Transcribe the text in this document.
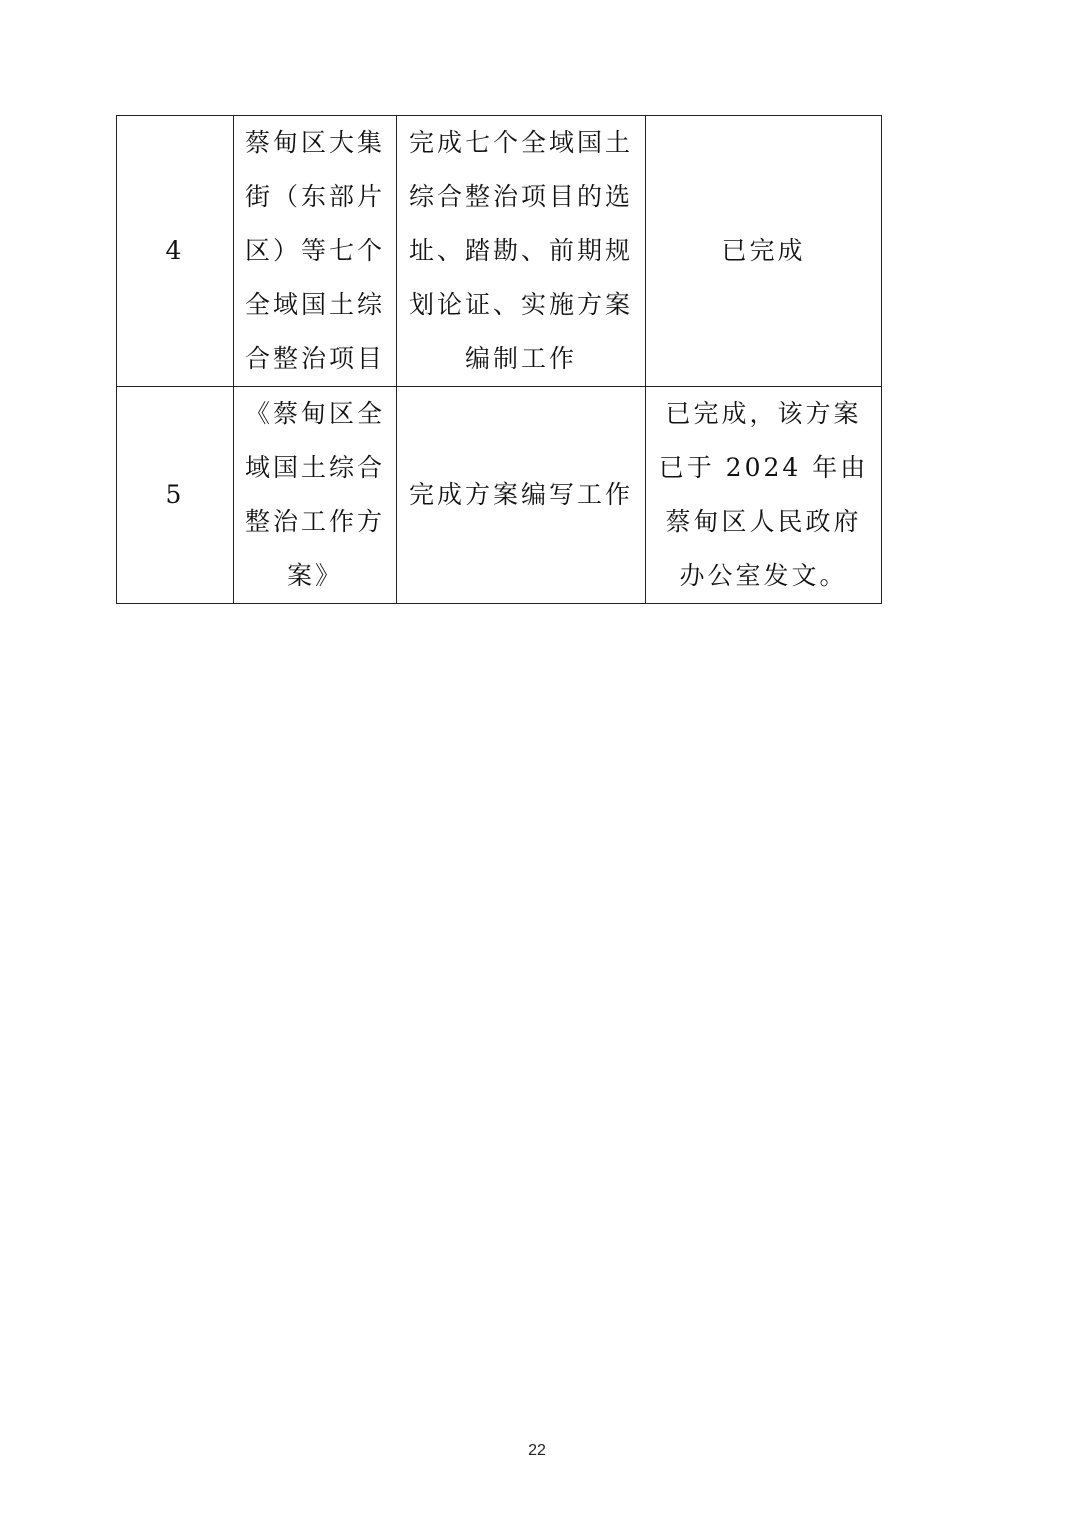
4	蔡甸区大集街（东部片区）等七个全域国土综合整治项目	完成七个全域国土综合整治项目的选址、踏勘、前期规划论证、实施方案编制工作	已完成

5	《蔡甸区全域国土综合整治工作方案》	完成方案编写工作	已完成，该方案已于 2024 年由蔡甸区人民政府办公室发文。
22
